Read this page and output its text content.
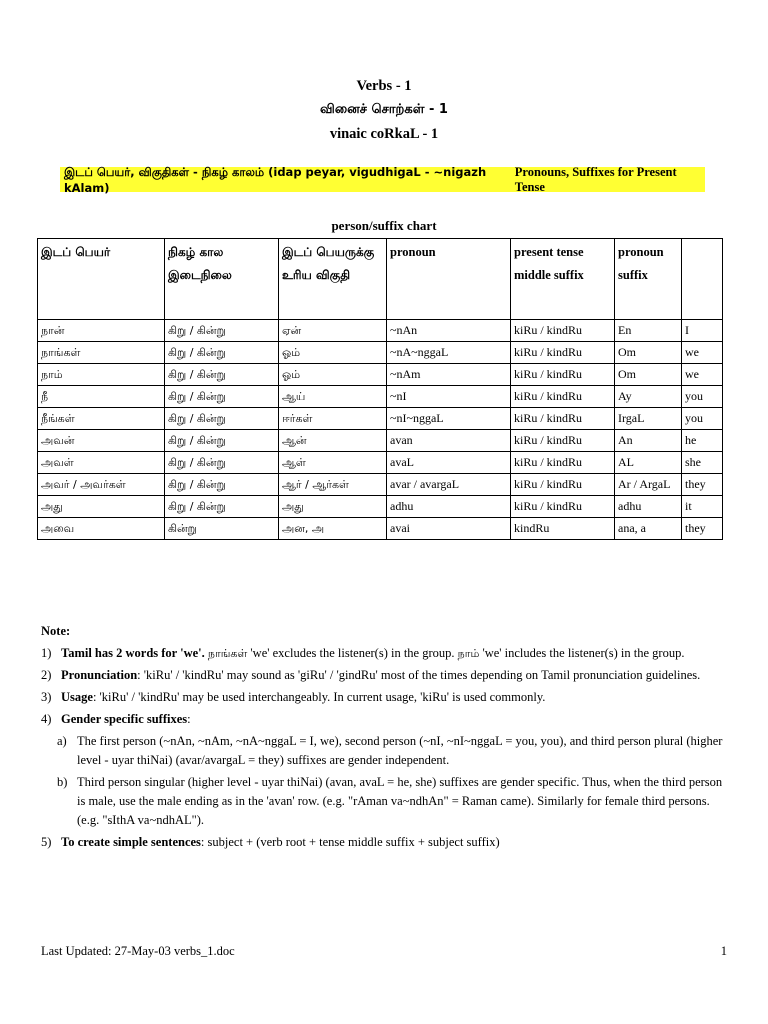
Verbs - 1
வினைச் சொற்கள் - 1
vinaic coRkaL - 1
இடப் பெயர், விகுதிகள் - நிகழ் காலம் (idap peyar, vigudhigaL - ~nigazh kAlam)
Pronouns, Suffixes for Present Tense
person/suffix chart
இடப் பெயர்	நிகழ் கால இடைநிலை	இடப் பெயருக்கு உரிய விகுதி	pronoun	present tense middle suffix	pronoun suffix	
நான்	கிறு / கின்று	ஏன்	~nAn	kiRu / kindRu	En	I
நாங்கள்	கிறு / கின்று	ஓம்	~nA~nggaL	kiRu / kindRu	Om	we
நாம்	கிறு / கின்று	ஓம்	~nAm	kiRu / kindRu	Om	we
நீ	கிறு / கின்று	ஆய்	~nI	kiRu / kindRu	Ay	you
நீங்கள்	கிறு / கின்று	ஈர்கள்	~nI~nggaL	kiRu / kindRu	IrgaL	you
அவன்	கிறு / கின்று	ஆன்	avan	kiRu / kindRu	An	he
அவள்	கிறு / கின்று	ஆள்	avaL	kiRu / kindRu	AL	she
அவர் / அவர்கள்	கிறு / கின்று	ஆர் / ஆர்கள்	avar / avargaL	kiRu / kindRu	Ar / ArgaL	they
அது	கிறு / கின்று	அது	adhu	kiRu / kindRu	adhu	it
அவை	கின்று	அன, அ	avai	kindRu	ana, a	they
Note:
1) Tamil has 2 words for 'we'. நாங்கள் 'we' excludes the listener(s) in the group. நாம் 'we' includes the listener(s) in the group.
2) Pronunciation: 'kiRu' / 'kindRu' may sound as 'giRu' / 'gindRu' most of the times depending on Tamil pronunciation guidelines.
3) Usage: 'kiRu' / 'kindRu' may be used interchangeably. In current usage, 'kiRu' is used commonly.
4) Gender specific suffixes:
a) The first person (~nAn, ~nAm, ~nA~nggaL = I, we), second person (~nI, ~nI~nggaL = you, you), and third person plural (higher level - uyar thiNai) (avar/avargaL = they) suffixes are gender independent.
b) Third person singular (higher level - uyar thiNai) (avan, avaL = he, she) suffixes are gender specific. Thus, when the third person is male, use the male ending as in the 'avan' row. (e.g. "rAman va~ndhAn" = Raman came). Similarly for female third persons. (e.g. "sIthA va~ndhAL").
5) To create simple sentences: subject + (verb root + tense middle suffix + subject suffix)
Last Updated: 27-May-03 verbs_1.doc	1
